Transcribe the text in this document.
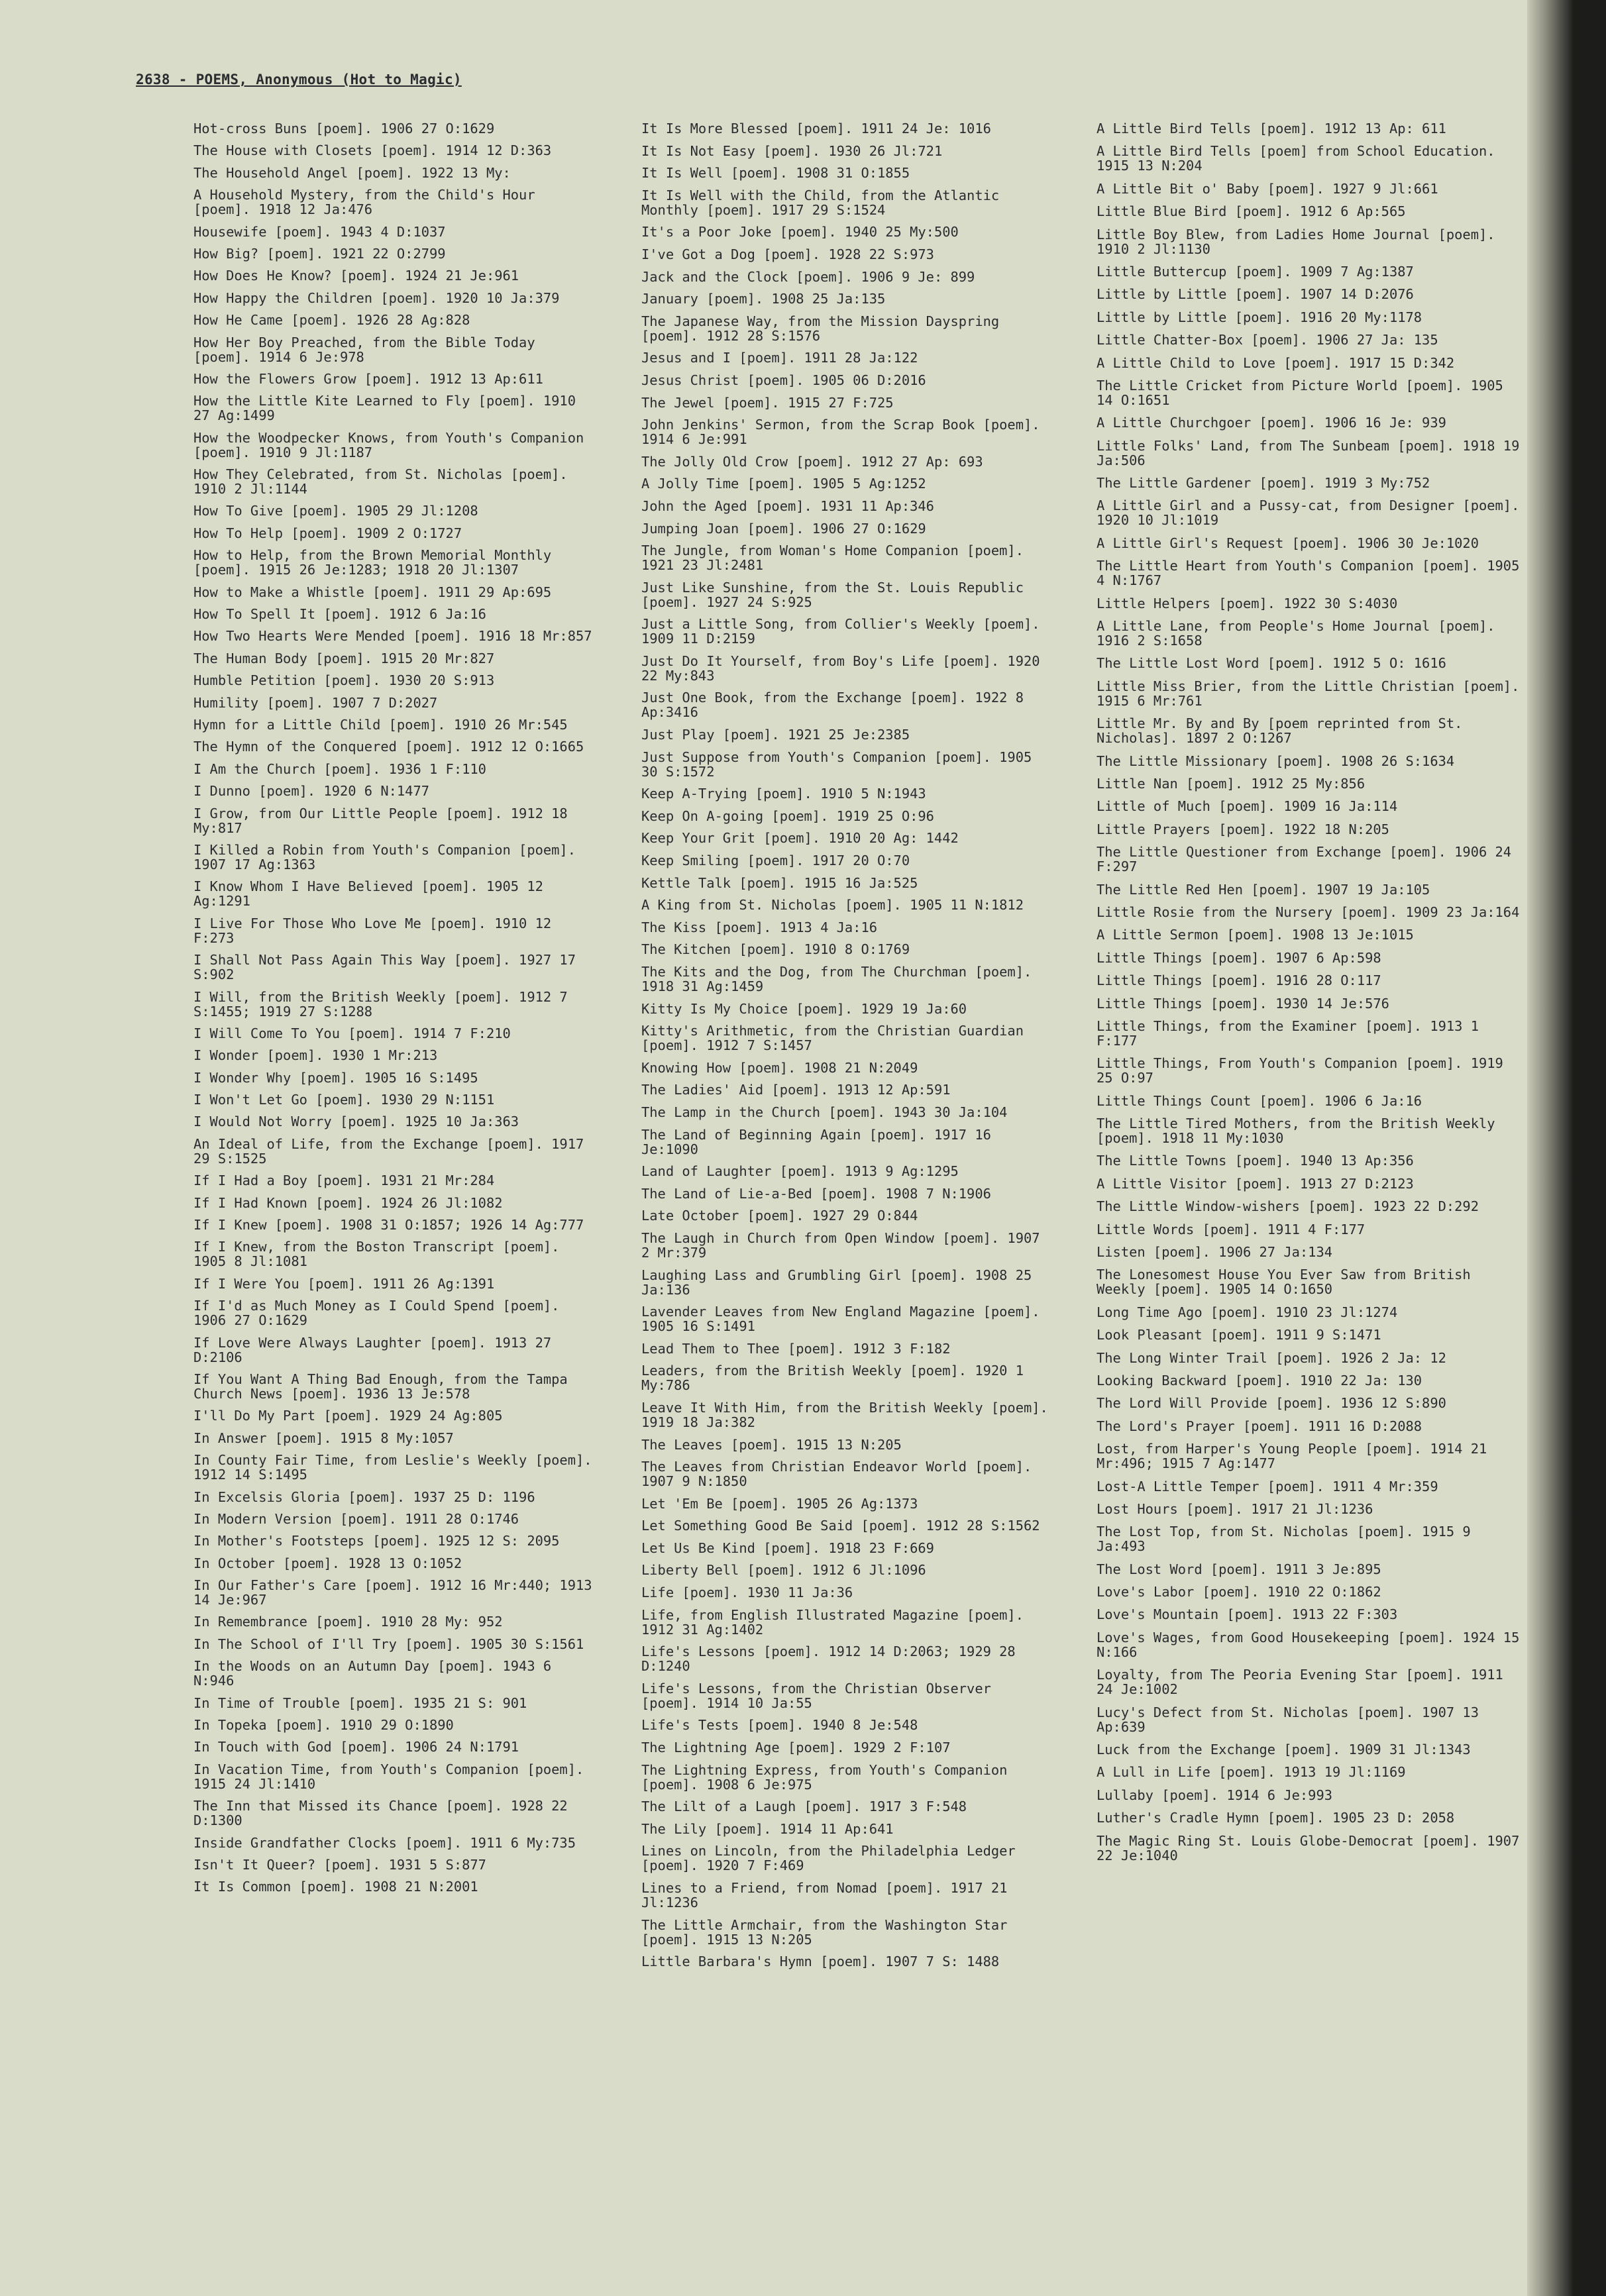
2638 - POEMS, Anonymous (Hot to Magic)
Hot-cross Buns [poem]. 1906 27 O:1629
The House with Closets [poem]. 1914 12 D:363
The Household Angel [poem]. 1922 13 My:
A Household Mystery, from the Child's Hour [poem]. 1918 12 Ja:476
Housewife [poem]. 1943 4 D:1037
How Big? [poem]. 1921 22 O:2799
How Does He Know? [poem]. 1924 21 Je:961
How Happy the Children [poem]. 1920 10 Ja:379
How He Came [poem]. 1926 28 Ag:828
How Her Boy Preached, from the Bible Today [poem]. 1914 6 Je:978
How the Flowers Grow [poem]. 1912 13 Ap:611
How the Little Kite Learned to Fly [poem]. 1910 27 Ag:1499
How the Woodpecker Knows, from Youth's Companion [poem]. 1910 9 Jl:1187
How They Celebrated, from St. Nicholas [poem]. 1910 2 Jl:1144
How To Give [poem]. 1905 29 Jl:1208
How To Help [poem]. 1909 2 O:1727
How to Help, from the Brown Memorial Monthly [poem]. 1915 26 Je:1283; 1918 20 Jl:1307
How to Make a Whistle [poem]. 1911 29 Ap:695
How To Spell It [poem]. 1912 6 Ja:16
How Two Hearts Were Mended [poem]. 1916 18 Mr:857
The Human Body [poem]. 1915 20 Mr:827
Humble Petition [poem]. 1930 20 S:913
Humility [poem]. 1907 7 D:2027
Hymn for a Little Child [poem]. 1910 26 Mr:545
The Hymn of the Conquered [poem]. 1912 12 O:1665
I Am the Church [poem]. 1936 1 F:110
I Dunno [poem]. 1920 6 N:1477
I Grow, from Our Little People [poem]. 1912 18 My:817
I Killed a Robin from Youth's Companion [poem]. 1907 17 Ag:1363
I Know Whom I Have Believed [poem]. 1905 12 Ag:1291
I Live For Those Who Love Me [poem]. 1910 12 F:273
I Shall Not Pass Again This Way [poem]. 1927 17 S:902
I Will, from the British Weekly [poem]. 1912 7 S:1455; 1919 27 S:1288
I Will Come To You [poem]. 1914 7 F:210
I Wonder [poem]. 1930 1 Mr:213
I Wonder Why [poem]. 1905 16 S:1495
I Won't Let Go [poem]. 1930 29 N:1151
I Would Not Worry [poem]. 1925 10 Ja:363
An Ideal of Life, from the Exchange [poem]. 1917 29 S:1525
If I Had a Boy [poem]. 1931 21 Mr:284
If I Had Known [poem]. 1924 26 Jl:1082
If I Knew [poem]. 1908 31 O:1857; 1926 14 Ag:777
If I Knew, from the Boston Transcript [poem]. 1905 8 Jl:1081
If I Were You [poem]. 1911 26 Ag:1391
If I'd as Much Money as I Could Spend [poem]. 1906 27 O:1629
If Love Were Always Laughter [poem]. 1913 27 D:2106
If You Want A Thing Bad Enough, from the Tampa Church News [poem]. 1936 13 Je:578
I'll Do My Part [poem]. 1929 24 Ag:805
In Answer [poem]. 1915 8 My:1057
In County Fair Time, from Leslie's Weekly [poem]. 1912 14 S:1495
In Excelsis Gloria [poem]. 1937 25 D: 1196
In Modern Version [poem]. 1911 28 O:1746
In Mother's Footsteps [poem]. 1925 12 S: 2095
In October [poem]. 1928 13 O:1052
In Our Father's Care [poem]. 1912 16 Mr:440; 1913 14 Je:967
In Remembrance [poem]. 1910 28 My: 952
In The School of I'll Try [poem]. 1905 30 S:1561
In the Woods on an Autumn Day [poem]. 1943 6 N:946
In Time of Trouble [poem]. 1935 21 S: 901
In Topeka [poem]. 1910 29 O:1890
In Touch with God [poem]. 1906 24 N:1791
In Vacation Time, from Youth's Companion [poem]. 1915 24 Jl:1410
The Inn that Missed its Chance [poem]. 1928 22 D:1300
Inside Grandfather Clocks [poem]. 1911 6 My:735
Isn't It Queer? [poem]. 1931 5 S:877
It Is Common [poem]. 1908 21 N:2001
It Is More Blessed [poem]. 1911 24 Je: 1016
It Is Not Easy [poem]. 1930 26 Jl:721
It Is Well [poem]. 1908 31 O:1855
It Is Well with the Child, from the Atlantic Monthly [poem]. 1917 29 S:1524
It's a Poor Joke [poem]. 1940 25 My:500
I've Got a Dog [poem]. 1928 22 S:973
Jack and the Clock [poem]. 1906 9 Je: 899
January [poem]. 1908 25 Ja:135
The Japanese Way, from the Mission Dayspring [poem]. 1912 28 S:1576
Jesus and I [poem]. 1911 28 Ja:122
Jesus Christ [poem]. 1905 06 D:2016
The Jewel [poem]. 1915 27 F:725
John Jenkins' Sermon, from the Scrap Book [poem]. 1914 6 Je:991
The Jolly Old Crow [poem]. 1912 27 Ap: 693
A Jolly Time [poem]. 1905 5 Ag:1252
John the Aged [poem]. 1931 11 Ap:346
Jumping Joan [poem]. 1906 27 O:1629
The Jungle, from Woman's Home Companion [poem]. 1921 23 Jl:2481
Just Like Sunshine, from the St. Louis Republic [poem]. 1927 24 S:925
Just a Little Song, from Collier's Weekly [poem]. 1909 11 D:2159
Just Do It Yourself, from Boy's Life [poem]. 1920 22 My:843
Just One Book, from the Exchange [poem]. 1922 8 Ap:3416
Just Play [poem]. 1921 25 Je:2385
Just Suppose from Youth's Companion [poem]. 1905 30 S:1572
Keep A-Trying [poem]. 1910 5 N:1943
Keep On A-going [poem]. 1919 25 O:96
Keep Your Grit [poem]. 1910 20 Ag: 1442
Keep Smiling [poem]. 1917 20 O:70
Kettle Talk [poem]. 1915 16 Ja:525
A King from St. Nicholas [poem]. 1905 11 N:1812
The Kiss [poem]. 1913 4 Ja:16
The Kitchen [poem]. 1910 8 O:1769
The Kits and the Dog, from The Churchman [poem]. 1918 31 Ag:1459
Kitty Is My Choice [poem]. 1929 19 Ja:60
Kitty's Arithmetic, from the Christian Guardian [poem]. 1912 7 S:1457
Knowing How [poem]. 1908 21 N:2049
The Ladies' Aid [poem]. 1913 12 Ap:591
The Lamp in the Church [poem]. 1943 30 Ja:104
The Land of Beginning Again [poem]. 1917 16 Je:1090
Land of Laughter [poem]. 1913 9 Ag:1295
The Land of Lie-a-Bed [poem]. 1908 7 N:1906
Late October [poem]. 1927 29 O:844
The Laugh in Church from Open Window [poem]. 1907 2 Mr:379
Laughing Lass and Grumbling Girl [poem]. 1908 25 Ja:136
Lavender Leaves from New England Magazine [poem]. 1905 16 S:1491
Lead Them to Thee [poem]. 1912 3 F:182
Leaders, from the British Weekly [poem]. 1920 1 My:786
Leave It With Him, from the British Weekly [poem]. 1919 18 Ja:382
The Leaves [poem]. 1915 13 N:205
The Leaves from Christian Endeavor World [poem]. 1907 9 N:1850
Let 'Em Be [poem]. 1905 26 Ag:1373
Let Something Good Be Said [poem]. 1912 28 S:1562
Let Us Be Kind [poem]. 1918 23 F:669
Liberty Bell [poem]. 1912 6 Jl:1096
Life [poem]. 1930 11 Ja:36
Life, from English Illustrated Magazine [poem]. 1912 31 Ag:1402
Life's Lessons [poem]. 1912 14 D:2063; 1929 28 D:1240
Life's Lessons, from the Christian Observer [poem]. 1914 10 Ja:55
Life's Tests [poem]. 1940 8 Je:548
The Lightning Age [poem]. 1929 2 F:107
The Lightning Express, from Youth's Companion [poem]. 1908 6 Je:975
The Lilt of a Laugh [poem]. 1917 3 F:548
The Lily [poem]. 1914 11 Ap:641
Lines on Lincoln, from the Philadelphia Ledger [poem]. 1920 7 F:469
Lines to a Friend, from Nomad [poem]. 1917 21 Jl:1236
The Little Armchair, from the Washington Star [poem]. 1915 13 N:205
Little Barbara's Hymn [poem]. 1907 7 S: 1488
A Little Bird Tells [poem]. 1912 13 Ap: 611
A Little Bird Tells [poem] from School Education. 1915 13 N:204
A Little Bit o' Baby [poem]. 1927 9 Jl:661
Little Blue Bird [poem]. 1912 6 Ap:565
Little Boy Blew, from Ladies Home Journal [poem]. 1910 2 Jl:1130
Little Buttercup [poem]. 1909 7 Ag:1387
Little by Little [poem]. 1907 14 D:2076
Little by Little [poem]. 1916 20 My:1178
Little Chatter-Box [poem]. 1906 27 Ja: 135
A Little Child to Love [poem]. 1917 15 D:342
The Little Cricket from Picture World [poem]. 1905 14 O:1651
A Little Churchgoer [poem]. 1906 16 Je: 939
Little Folks' Land, from The Sunbeam [poem]. 1918 19 Ja:506
The Little Gardener [poem]. 1919 3 My:752
A Little Girl and a Pussy-cat, from Designer [poem]. 1920 10 Jl:1019
A Little Girl's Request [poem]. 1906 30 Je:1020
The Little Heart from Youth's Companion [poem]. 1905 4 N:1767
Little Helpers [poem]. 1922 30 S:4030
A Little Lane, from People's Home Journal [poem]. 1916 2 S:1658
The Little Lost Word [poem]. 1912 5 O: 1616
Little Miss Brier, from the Little Christian [poem]. 1915 6 Mr:761
Little Mr. By and By [poem reprinted from St. Nicholas]. 1897 2 O:1267
The Little Missionary [poem]. 1908 26 S:1634
Little Nan [poem]. 1912 25 My:856
Little of Much [poem]. 1909 16 Ja:114
Little Prayers [poem]. 1922 18 N:205
The Little Questioner from Exchange [poem]. 1906 24 F:297
The Little Red Hen [poem]. 1907 19 Ja:105
Little Rosie from the Nursery [poem]. 1909 23 Ja:164
A Little Sermon [poem]. 1908 13 Je:1015
Little Things [poem]. 1907 6 Ap:598
Little Things [poem]. 1916 28 O:117
Little Things [poem]. 1930 14 Je:576
Little Things, from the Examiner [poem]. 1913 1 F:177
Little Things, From Youth's Companion [poem]. 1919 25 O:97
Little Things Count [poem]. 1906 6 Ja:16
The Little Tired Mothers, from the British Weekly [poem]. 1918 11 My:1030
The Little Towns [poem]. 1940 13 Ap:356
A Little Visitor [poem]. 1913 27 D:2123
The Little Window-wishers [poem]. 1923 22 D:292
Little Words [poem]. 1911 4 F:177
Listen [poem]. 1906 27 Ja:134
The Lonesomest House You Ever Saw from British Weekly [poem]. 1905 14 O:1650
Long Time Ago [poem]. 1910 23 Jl:1274
Look Pleasant [poem]. 1911 9 S:1471
The Long Winter Trail [poem]. 1926 2 Ja: 12
Looking Backward [poem]. 1910 22 Ja: 130
The Lord Will Provide [poem]. 1936 12 S:890
The Lord's Prayer [poem]. 1911 16 D:2088
Lost, from Harper's Young People [poem]. 1914 21 Mr:496; 1915 7 Ag:1477
Lost-A Little Temper [poem]. 1911 4 Mr:359
Lost Hours [poem]. 1917 21 Jl:1236
The Lost Top, from St. Nicholas [poem]. 1915 9 Ja:493
The Lost Word [poem]. 1911 3 Je:895
Love's Labor [poem]. 1910 22 O:1862
Love's Mountain [poem]. 1913 22 F:303
Love's Wages, from Good Housekeeping [poem]. 1924 15 N:166
Loyalty, from The Peoria Evening Star [poem]. 1911 24 Je:1002
Lucy's Defect from St. Nicholas [poem]. 1907 13 Ap:639
Luck from the Exchange [poem]. 1909 31 Jl:1343
A Lull in Life [poem]. 1913 19 Jl:1169
Lullaby [poem]. 1914 6 Je:993
Luther's Cradle Hymn [poem]. 1905 23 D: 2058
The Magic Ring St. Louis Globe-Democrat [poem]. 1907 22 Je:1040
